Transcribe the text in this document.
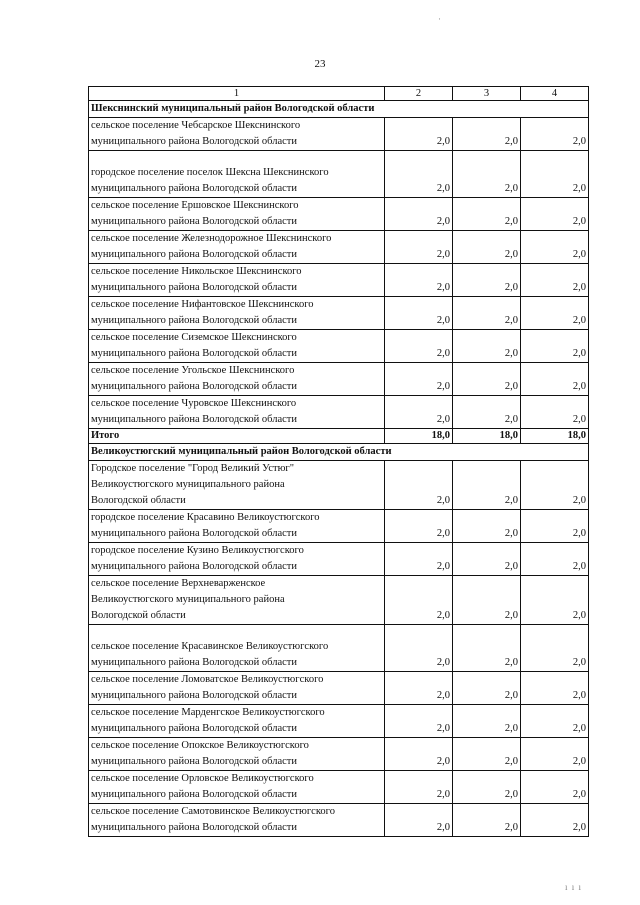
·
23
1	2	3	4
Шекснинский муниципальный район Вологодской области			
сельское поселение Чебсарское Шекснинского
муниципального района Вологодской области	2,0	2,0	2,0

городское поселение поселок Шексна Шекснинского
муниципального района Вологодской области	2,0	2,0	2,0
сельское поселение Ершовское Шекснинского
муниципального района Вологодской области	2,0	2,0	2,0
сельское поселение Железнодорожное Шекснинского
муниципального района Вологодской области	2,0	2,0	2,0
сельское поселение Никольское Шекснинского
муниципального района Вологодской области	2,0	2,0	2,0
сельское поселение Нифантовское Шекснинского
муниципального района Вологодской области	2,0	2,0	2,0
сельское поселение Сиземское Шекснинского
муниципального района Вологодской области	2,0	2,0	2,0
сельское поселение Угольское Шекснинского
муниципального района Вологодской области	2,0	2,0	2,0
сельское поселение Чуровское Шекснинского
муниципального района Вологодской области	2,0	2,0	2,0
Итого	18,0	18,0	18,0
Великоустюгский муниципальный район Вологодской области			
Городское поселение "Город Великий Устюг"
Великоустюгского муниципального района
Вологодской области	2,0	2,0	2,0
городское поселение Красавино Великоустюгского
муниципального района Вологодской области	2,0	2,0	2,0
городское поселение Кузино Великоустюгского
муниципального района Вологодской области	2,0	2,0	2,0
сельское поселение Верхневарженское
Великоустюгского муниципального района
Вологодской области	2,0	2,0	2,0

сельское поселение Красавинское Великоустюгского
муниципального района Вологодской области	2,0	2,0	2,0
сельское поселение Ломоватское Великоустюгского
муниципального района Вологодской области	2,0	2,0	2,0
сельское поселение Марденгское Великоустюгского
муниципального района Вологодской области	2,0	2,0	2,0
сельское поселение Опокское Великоустюгского
муниципального района Вологодской области	2,0	2,0	2,0
сельское поселение Орловское Великоустюгского
муниципального района Вологодской области	2,0	2,0	2,0
сельское поселение Самотовинское Великоустюгского
муниципального района Вологодской области	2,0	2,0	2,0
ı ı ı
